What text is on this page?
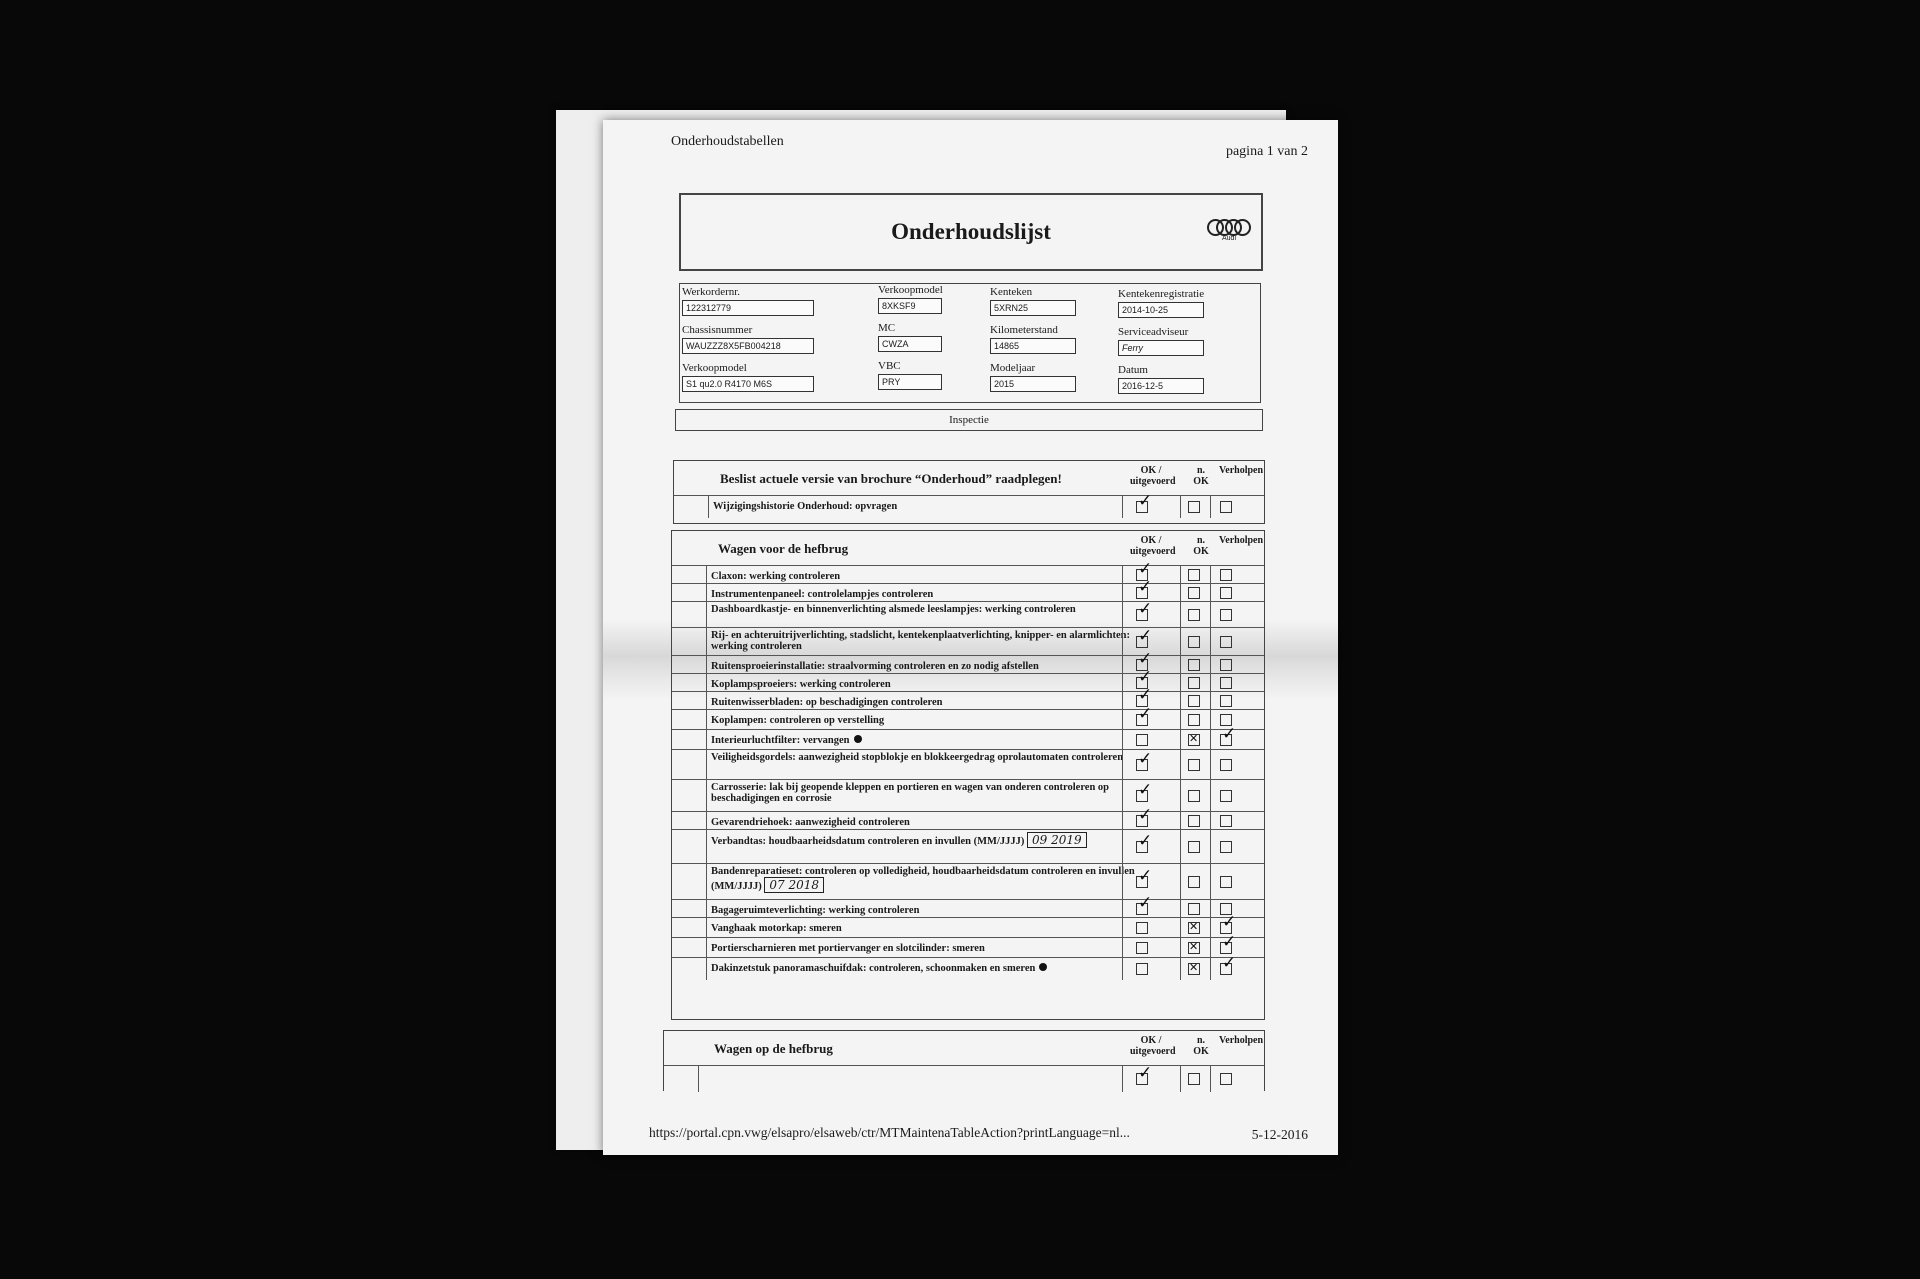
Onderhoudstabellen
pagina 1 van 2
Onderhoudslijst	Audi
Werkordernr.
122312779
Chassisnummer
WAUZZZ8X5FB004218
Verkoopmodel
S1 qu2.0 R4170 M6S
Verkoopmodel
8XKSF9
MC
CWZA
VBC
PRY
Kenteken
5XRN25
Kilometerstand
14865
Modeljaar
2015
Kentekenregistratie
2014-10-25
Serviceadviseur
Ferry
Datum
2016-12-5
Inspectie
Beslist actuele versie van brochure “Onderhoud” raadplegen!
OK / uitgevoerd
n. OK
Verholpen
Wijzigingshistorie Onderhoud: opvragen
✓
Wagen voor de hefbrug
OK / uitgevoerd
n. OK
Verholpen
Claxon: werking controleren
✓
Instrumentenpaneel: controlelampjes controleren
✓
Dashboardkastje- en binnenverlichting alsmede leeslampjes: werking controleren
✓
Rij- en achteruitrijverlichting, stadslicht, kentekenplaatverlichting, knipper- en alarmlichten: werking controleren
✓
Ruitensproeierinstallatie: straalvorming controleren en zo nodig afstellen
✓
Koplampsproeiers: werking controleren
✓
Ruitenwisserbladen: op beschadigingen controleren
✓
Koplampen: controleren op verstelling
✓
Interieurluchtfilter: vervangen
✕
✓
Veiligheidsgordels: aanwezigheid stopblokje en blokkeergedrag oprolautomaten controleren
✓
Carrosserie: lak bij geopende kleppen en portieren en wagen van onderen controleren op beschadigingen en corrosie
✓
Gevarendriehoek: aanwezigheid controleren
✓
Verbandtas: houdbaarheidsdatum controleren en invullen (MM/JJJJ) 09 2019
✓
Bandenreparatieset: controleren op volledigheid, houdbaarheidsdatum controleren en invullen (MM/JJJJ) 07 2018
✓
Bagageruimteverlichting: werking controleren
✓
Vanghaak motorkap: smeren
✕
✓
Portierscharnieren met portiervanger en slotcilinder: smeren
✕
✓
Dakinzetstuk panoramaschuifdak: controleren, schoonmaken en smeren
✕
✓
Wagen op de hefbrug
OK / uitgevoerd
n. OK
Verholpen
✓
https://portal.cpn.vwg/elsapro/elsaweb/ctr/MTMaintenaTableAction?printLanguage=nl...	5-12-2016
